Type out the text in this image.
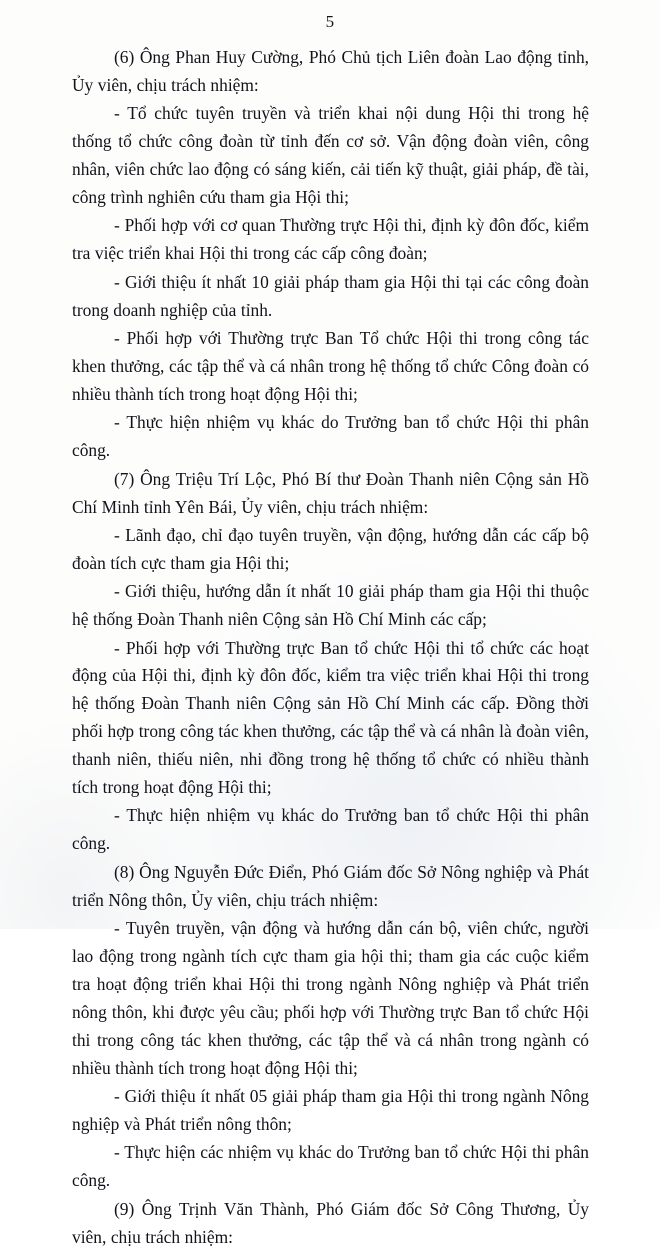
5

(6) Ông Phan Huy Cường, Phó Chủ tịch Liên đoàn Lao động tỉnh, Ủy viên, chịu trách nhiệm:

- Tổ chức tuyên truyền và triển khai nội dung Hội thi trong hệ thống tổ chức công đoàn từ tỉnh đến cơ sở. Vận động đoàn viên, công nhân, viên chức lao động có sáng kiến, cải tiến kỹ thuật, giải pháp, đề tài, công trình nghiên cứu tham gia Hội thi;

- Phối hợp với cơ quan Thường trực Hội thi, định kỳ đôn đốc, kiểm tra việc triển khai Hội thi trong các cấp công đoàn;

- Giới thiệu ít nhất 10 giải pháp tham gia Hội thi tại các công đoàn trong doanh nghiệp của tỉnh.

- Phối hợp với Thường trực Ban Tổ chức Hội thi trong công tác khen thưởng, các tập thể và cá nhân trong hệ thống tổ chức Công đoàn có nhiều thành tích trong hoạt động Hội thi;

- Thực hiện nhiệm vụ khác do Trưởng ban tổ chức Hội thi phân công.

(7) Ông Triệu Trí Lộc, Phó Bí thư Đoàn Thanh niên Cộng sản Hồ Chí Minh tỉnh Yên Bái, Ủy viên, chịu trách nhiệm:

- Lãnh đạo, chỉ đạo tuyên truyền, vận động, hướng dẫn các cấp bộ đoàn tích cực tham gia Hội thi;

- Giới thiệu, hướng dẫn ít nhất 10 giải pháp tham gia Hội thi thuộc hệ thống Đoàn Thanh niên Cộng sản Hồ Chí Minh các cấp;

- Phối hợp với Thường trực Ban tổ chức Hội thi tổ chức các hoạt động của Hội thi, định kỳ đôn đốc, kiểm tra việc triển khai Hội thi trong hệ thống Đoàn Thanh niên Cộng sản Hồ Chí Minh các cấp. Đồng thời phối hợp trong công tác khen thưởng, các tập thể và cá nhân là đoàn viên, thanh niên, thiếu niên, nhi đồng trong hệ thống tổ chức có nhiều thành tích trong hoạt động Hội thi;

- Thực hiện nhiệm vụ khác do Trưởng ban tổ chức Hội thi phân công.

(8) Ông Nguyễn Đức Điển, Phó Giám đốc Sở Nông nghiệp và Phát triển Nông thôn, Ủy viên, chịu trách nhiệm:

- Tuyên truyền, vận động và hướng dẫn cán bộ, viên chức, người lao động trong ngành tích cực tham gia hội thi; tham gia các cuộc kiểm tra hoạt động triển khai Hội thi trong ngành Nông nghiệp và Phát triển nông thôn, khi được yêu cầu; phối hợp với Thường trực Ban tổ chức Hội thi trong công tác khen thưởng, các tập thể và cá nhân trong ngành có nhiều thành tích trong hoạt động Hội thi;

- Giới thiệu ít nhất 05 giải pháp tham gia Hội thi trong ngành Nông nghiệp và Phát triển nông thôn;

- Thực hiện các nhiệm vụ khác do Trưởng ban tổ chức Hội thi phân công.

(9) Ông Trịnh Văn Thành, Phó Giám đốc Sở Công Thương, Ủy viên, chịu trách nhiệm:
